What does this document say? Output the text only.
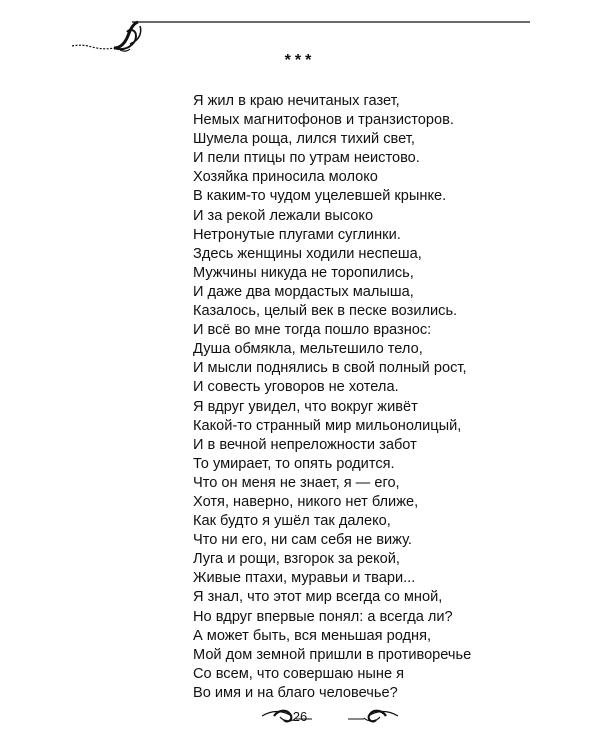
***
Я жил в краю нечитаных газет,
Немых магнитофонов и транзисторов.
Шумела роща, лился тихий свет,
И пели птицы по утрам неистово.
Хозяйка приносила молоко
В каким-то чудом уцелевшей крынке.
И за рекой лежали высоко
Нетронутые плугами суглинки.
Здесь женщины ходили неспеша,
Мужчины никуда не торопились,
И даже два мордастых малыша,
Казалось, целый век в песке возились.
И всё во мне тогда пошло вразнос:
Душа обмякла, мельтешило тело,
И мысли поднялись в свой полный рост,
И совесть уговоров не хотела.
Я вдруг увидел, что вокруг живёт
Какой-то странный мир мильонолицый,
И в вечной непреложности забот
То умирает, то опять родится.
Что он меня не знает, я — его,
Хотя, наверно, никого нет ближе,
Как будто я ушёл так далеко,
Что ни его, ни сам себя не вижу.
Луга и рощи, взгорок за рекой,
Живые птахи, муравьи и твари...
Я знал, что этот мир всегда со мной,
Но вдруг впервые понял: а всегда ли?
А может быть, вся меньшая родня,
Мой дом земной пришли в противоречье
Со всем, что совершаю ныне я
Во имя и на благо человечье?
26
